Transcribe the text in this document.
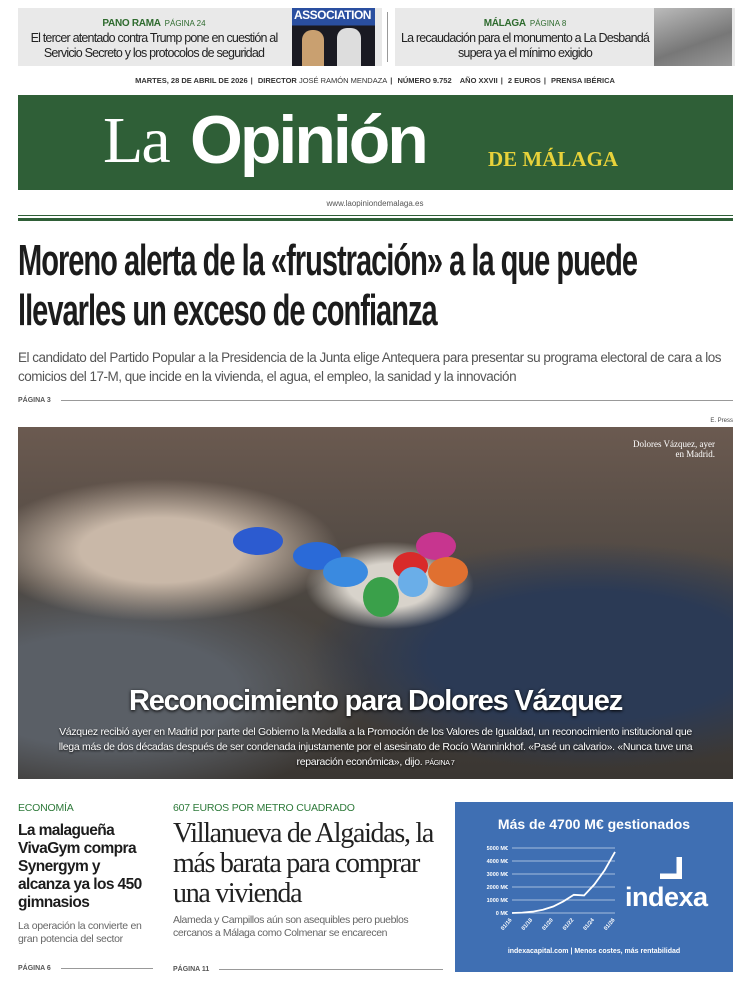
PANO RAMA PÁGINA 24
El tercer atentado contra Trump pone en cuestión al Servicio Secreto y los protocolos de seguridad
ASSOCIATION
MÁLAGA PÁGINA 8
La recaudación para el monumento a La Desbandá supera ya el mínimo exigido
MARTES, 28 DE ABRIL DE 2026 | DIRECTOR JOSÉ RAMÓN MENDAZA | NÚMERO 9.752 AÑO XXVII | 2 EUROS | PRENSA IBÉRICA
La Opinión	DE MÁLAGA
www.laopiniondemalaga.es
Moreno alerta de la «frustración» a la que puede llevarles un exceso de confianza
El candidato del Partido Popular a la Presidencia de la Junta elige Antequera para presentar su programa electoral de cara a los comicios del 17-M, que incide en la vivienda, el agua, el empleo, la sanidad y la innovación
PÁGINA 3
E. Press
Dolores Vázquez, ayer en Madrid.
Reconocimiento para Dolores Vázquez
Vázquez recibió ayer en Madrid por parte del Gobierno la Medalla a la Promoción de los Valores de Igualdad, un reconocimiento institucional que llega más de dos décadas después de ser condenada injustamente por el asesinato de Rocío Wanninkhof. «Pasé un calvario». «Nunca tuve una reparación económica», dijo. PÁGINA 7
ECONOMÍA
La malagueña VivaGym compra Synergym y alcanza ya los 450 gimnasios
La operación la convierte en gran potencia del sector
PÁGINA 6
607 EUROS POR METRO CUADRADO
Villanueva de Algaidas, la más barata para comprar una vivienda
Alameda y Campillos aún son asequibles pero pueblos cercanos a Málaga como Colmenar se encarecen
PÁGINA 11
Más de 4700 M€ gestionados
0 M€
1000 M€
2000 M€
3000 M€
4000 M€
5000 M€
01/16 01/18 01/20 01/22 01/24 01/26
indexa
indexacapital.com | Menos costes, más rentabilidad
